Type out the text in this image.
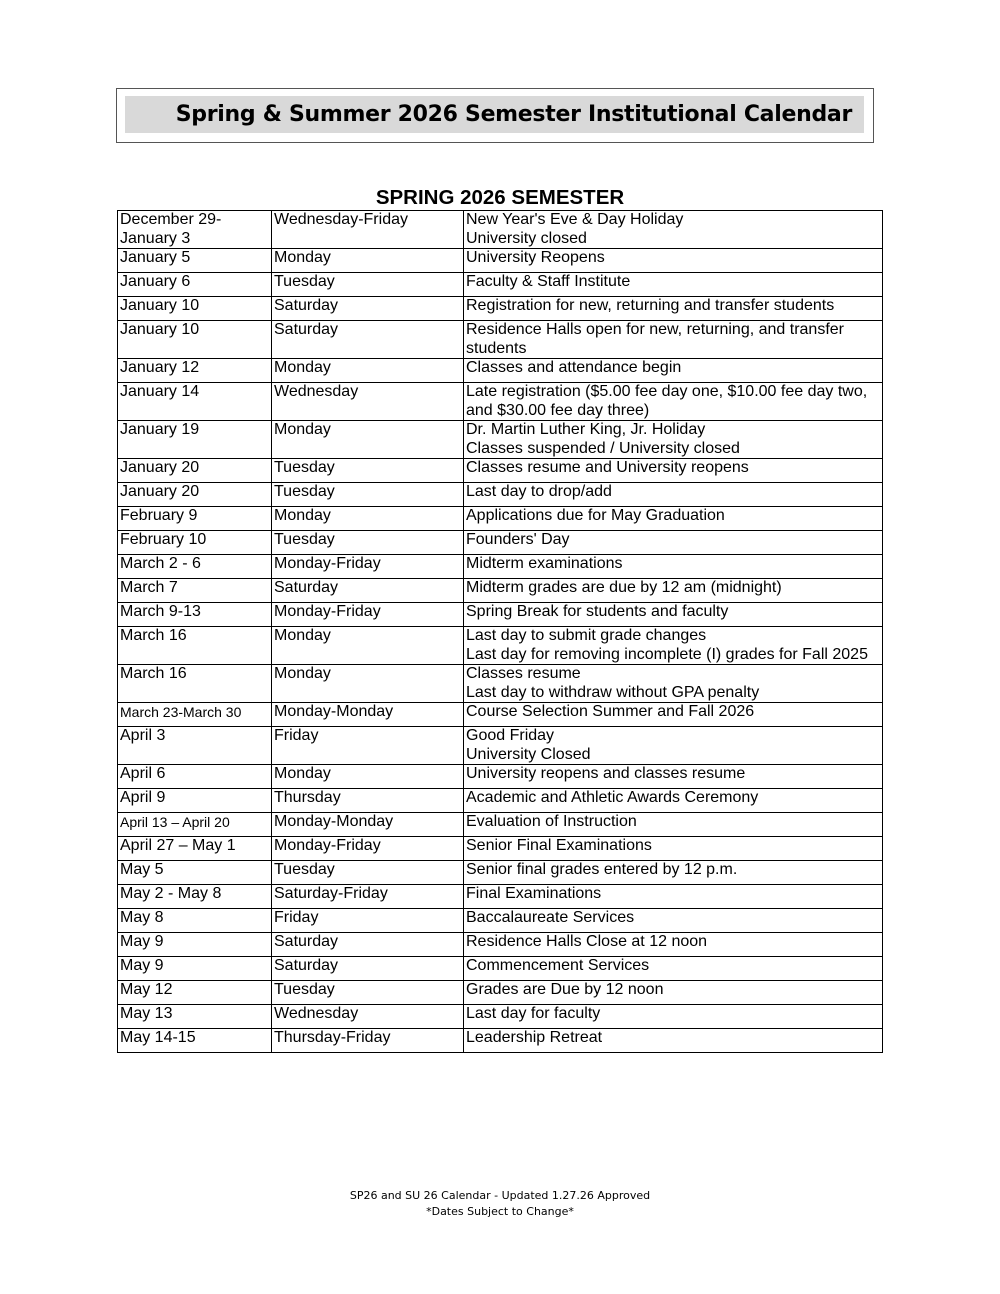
Spring & Summer 2026 Semester Institutional Calendar
SPRING 2026 SEMESTER
December 29-
January 3	Wednesday-Friday	New Year's Eve & Day Holiday
University closed

January 5	Monday	University Reopens

January 6	Tuesday	Faculty & Staff Institute

January 10	Saturday	Registration for new, returning and transfer students

January 10	Saturday	Residence Halls open for new, returning, and transfer
students

January 12	Monday	Classes and attendance begin

January 14	Wednesday	Late registration ($5.00 fee day one, $10.00 fee day two,
and $30.00 fee day three)

January 19	Monday	Dr. Martin Luther King, Jr. Holiday
Classes suspended / University closed

January 20	Tuesday	Classes resume and University reopens

January 20	Tuesday	Last day to drop/add

February 9	Monday	Applications due for May Graduation

February 10	Tuesday	Founders' Day

March 2 - 6	Monday-Friday	Midterm examinations

March 7	Saturday	Midterm grades are due by 12 am (midnight)

March 9-13	Monday-Friday	Spring Break for students and faculty

March 16	Monday	Last day to submit grade changes
Last day for removing incomplete (I) grades for Fall 2025

March 16	Monday	Classes resume
Last day to withdraw without GPA penalty

March 23-March 30	Monday-Monday	Course Selection Summer and Fall 2026

April 3	Friday	Good Friday
University Closed

April 6	Monday	University reopens and classes resume

April 9	Thursday	Academic and Athletic Awards Ceremony

April 13 – April 20	Monday-Monday	Evaluation of Instruction

April 27 – May 1	Monday-Friday	Senior Final Examinations

May 5	Tuesday	Senior final grades entered by 12 p.m.

May 2 - May 8	Saturday-Friday	Final Examinations

May 8	Friday	Baccalaureate Services

May 9	Saturday	Residence Halls Close at 12 noon

May 9	Saturday	Commencement Services

May 12	Tuesday	Grades are Due by 12 noon

May 13	Wednesday	Last day for faculty

May 14-15	Thursday-Friday	Leadership Retreat
SP26 and SU 26 Calendar - Updated 1.27.26 Approved
*Dates Subject to Change*
